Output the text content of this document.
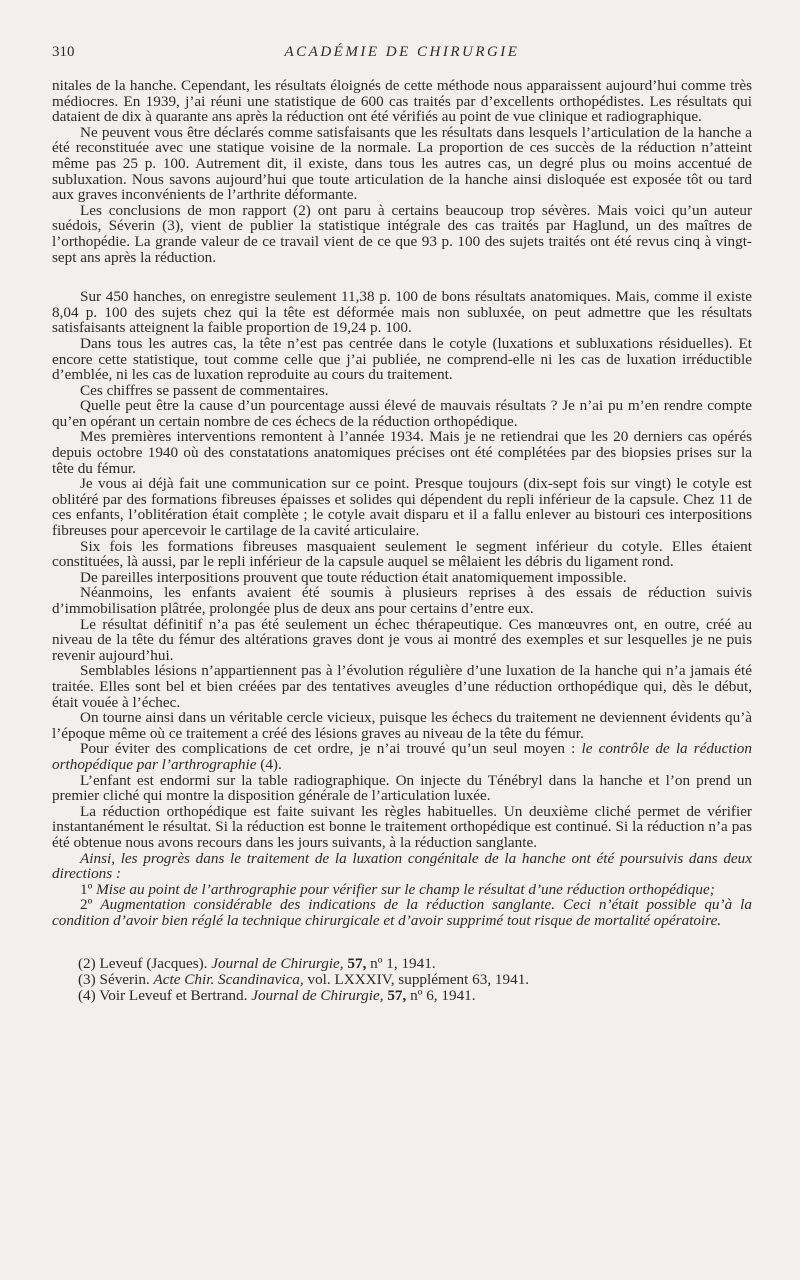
310	ACADÉMIE DE CHIRURGIE

nitales de la hanche. Cependant, les résultats éloignés de cette méthode nous apparaissent aujourd’hui comme très médiocres. En 1939, j’ai réuni une statistique de 600 cas traités par d’excellents orthopédistes. Les résultats qui dataient de dix à quarante ans après la réduction ont été vérifiés au point de vue clinique et radiographique.

Ne peuvent vous être déclarés comme satisfaisants que les résultats dans lesquels l’articulation de la hanche a été reconstituée avec une statique voisine de la normale. La proportion de ces succès de la réduction n’atteint même pas 25 p. 100. Autrement dit, il existe, dans tous les autres cas, un degré plus ou moins accentué de subluxation. Nous savons aujourd’hui que toute articulation de la hanche ainsi disloquée est exposée tôt ou tard aux graves inconvénients de l’arthrite déformante.

Les conclusions de mon rapport (2) ont paru à certains beaucoup trop sévères. Mais voici qu’un auteur suédois, Séverin (3), vient de publier la statistique intégrale des cas traités par Haglund, un des maîtres de l’orthopédie. La grande valeur de ce travail vient de ce que 93 p. 100 des sujets traités ont été revus cinq à vingt-sept ans après la réduction.

Sur 450 hanches, on enregistre seulement 11,38 p. 100 de bons résultats anatomiques. Mais, comme il existe 8,04 p. 100 des sujets chez qui la tête est déformée mais non subluxée, on peut admettre que les résultats satisfaisants atteignent la faible proportion de 19,24 p. 100.

Dans tous les autres cas, la tête n’est pas centrée dans le cotyle (luxations et subluxations résiduelles). Et encore cette statistique, tout comme celle que j’ai publiée, ne comprend-elle ni les cas de luxation irréductible d’emblée, ni les cas de luxation reproduite au cours du traitement.

Ces chiffres se passent de commentaires.

Quelle peut être la cause d’un pourcentage aussi élevé de mauvais résultats ? Je n’ai pu m’en rendre compte qu’en opérant un certain nombre de ces échecs de la réduction orthopédique.

Mes premières interventions remontent à l’année 1934. Mais je ne retiendrai que les 20 derniers cas opérés depuis octobre 1940 où des constatations anatomiques précises ont été complétées par des biopsies prises sur la tête du fémur.

Je vous ai déjà fait une communication sur ce point. Presque toujours (dix-sept fois sur vingt) le cotyle est oblitéré par des formations fibreuses épaisses et solides qui dépendent du repli inférieur de la capsule. Chez 11 de ces enfants, l’oblitération était complète ; le cotyle avait disparu et il a fallu enlever au bistouri ces interpositions fibreuses pour apercevoir le cartilage de la cavité articulaire.

Six fois les formations fibreuses masquaient seulement le segment inférieur du cotyle. Elles étaient constituées, là aussi, par le repli inférieur de la capsule auquel se mêlaient les débris du ligament rond.

De pareilles interpositions prouvent que toute réduction était anatomiquement impossible.

Néanmoins, les enfants avaient été soumis à plusieurs reprises à des essais de réduction suivis d’immobilisation plâtrée, prolongée plus de deux ans pour certains d’entre eux.

Le résultat définitif n’a pas été seulement un échec thérapeutique. Ces manœuvres ont, en outre, créé au niveau de la tête du fémur des altérations graves dont je vous ai montré des exemples et sur lesquelles je ne puis revenir aujourd’hui.

Semblables lésions n’appartiennent pas à l’évolution régulière d’une luxation de la hanche qui n’a jamais été traitée. Elles sont bel et bien créées par des tentatives aveugles d’une réduction orthopédique qui, dès le début, était vouée à l’échec.

On tourne ainsi dans un véritable cercle vicieux, puisque les échecs du traitement ne deviennent évidents qu’à l’époque même où ce traitement a créé des lésions graves au niveau de la tête du fémur.

Pour éviter des complications de cet ordre, je n’ai trouvé qu’un seul moyen : le contrôle de la réduction orthopédique par l’arthrographie (4).

L’enfant est endormi sur la table radiographique. On injecte du Ténébryl dans la hanche et l’on prend un premier cliché qui montre la disposition générale de l’articulation luxée.

La réduction orthopédique est faite suivant les règles habituelles. Un deuxième cliché permet de vérifier instantanément le résultat. Si la réduction est bonne le traitement orthopédique est continué. Si la réduction n’a pas été obtenue nous avons recours dans les jours suivants, à la réduction sanglante.

Ainsi, les progrès dans le traitement de la luxation congénitale de la hanche ont été poursuivis dans deux directions :

1º Mise au point de l’arthrographie pour vérifier sur le champ le résultat d’une réduction orthopédique;

2º Augmentation considérable des indications de la réduction sanglante. Ceci n’était possible qu’à la condition d’avoir bien réglé la technique chirurgicale et d’avoir supprimé tout risque de mortalité opératoire.

(2) Leveuf (Jacques). Journal de Chirurgie, 57, nº 1, 1941.
(3) Séverin. Acte Chir. Scandinavica, vol. LXXXIV, supplément 63, 1941.
(4) Voir Leveuf et Bertrand. Journal de Chirurgie, 57, nº 6, 1941.
